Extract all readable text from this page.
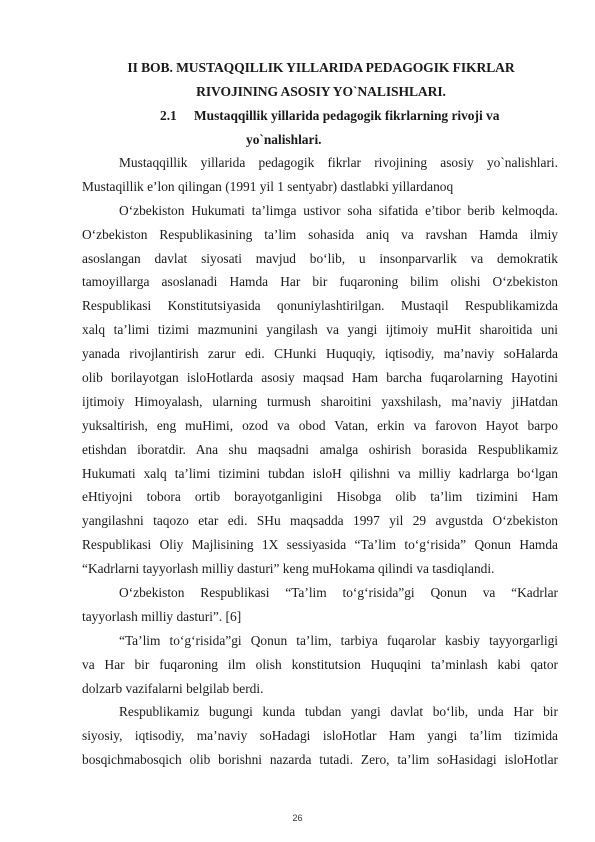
II BOB. MUSTAQQILLIK YILLARIDA PEDAGOGIK FIKRLAR
RIVOJINING ASOSIY YO`NALISHLARI.
2.1 Mustaqqillik yillarida pedagogik fikrlarning rivoji va
yo`nalishlari.
Mustaqqillik yillarida pedagogik fikrlar rivojining asosiy yo`nalishlari.
Mustaqillik e’lon qilingan (1991 yil 1 sentyabr) dastlabki yillardanoq
O‘zbekiston Hukumati ta’limga ustivor soha sifatida e’tibor berib kelmoqda.
O‘zbekiston Respublikasining ta’lim sohasida aniq va ravshan Hamda ilmiy
asoslangan davlat siyosati mavjud bo‘lib, u insonparvarlik va demokratik
tamoyillarga asoslanadi Hamda Har bir fuqaroning bilim olishi O‘zbekiston
Respublikasi Konstitutsiyasida qonuniylashtirilgan. Mustaqil Respublikamizda
xalq ta’limi tizimi mazmunini yangilash va yangi ijtimoiy muHit sharoitida uni
yanada rivojlantirish zarur edi. CHunki Huquqiy, iqtisodiy, ma’naviy soHalarda
olib borilayotgan isloHotlarda asosiy maqsad Ham barcha fuqarolarning Hayotini
ijtimoiy Himoyalash, ularning turmush sharoitini yaxshilash, ma’naviy jiHatdan
yuksaltirish, eng muHimi, ozod va obod Vatan, erkin va farovon Hayot barpo
etishdan iboratdir. Ana shu maqsadni amalga oshirish borasida Respublikamiz
Hukumati xalq ta’limi tizimini tubdan isloH qilishni va milliy kadrlarga bo‘lgan
eHtiyojni tobora ortib borayotganligini Hisobga olib ta’lim tizimini Ham
yangilashni taqozo etar edi. SHu maqsadda 1997 yil 29 avgustda O‘zbekiston
Respublikasi Oliy Majlisining 1X sessiyasida “Ta’lim to‘g‘risida” Qonun Hamda
“Kadrlarni tayyorlash milliy dasturi” keng muHokama qilindi va tasdiqlandi.
O‘zbekiston Respublikasi “Ta’lim to‘g‘risida”gi Qonun va “Kadrlar
tayyorlash milliy dasturi”. [6]
“Ta’lim to‘g‘risida”gi Qonun ta’lim, tarbiya fuqarolar kasbiy tayyorgarligi
va Har bir fuqaroning ilm olish konstitutsion Huquqini ta’minlash kabi qator
dolzarb vazifalarni belgilab berdi.
Respublikamiz bugungi kunda tubdan yangi davlat bo‘lib, unda Har bir
siyosiy, iqtisodiy, ma’naviy soHadagi isloHotlar Ham yangi ta’lim tizimida
bosqichmabosqich olib borishni nazarda tutadi. Zero, ta’lim soHasidagi isloHotlar
26
